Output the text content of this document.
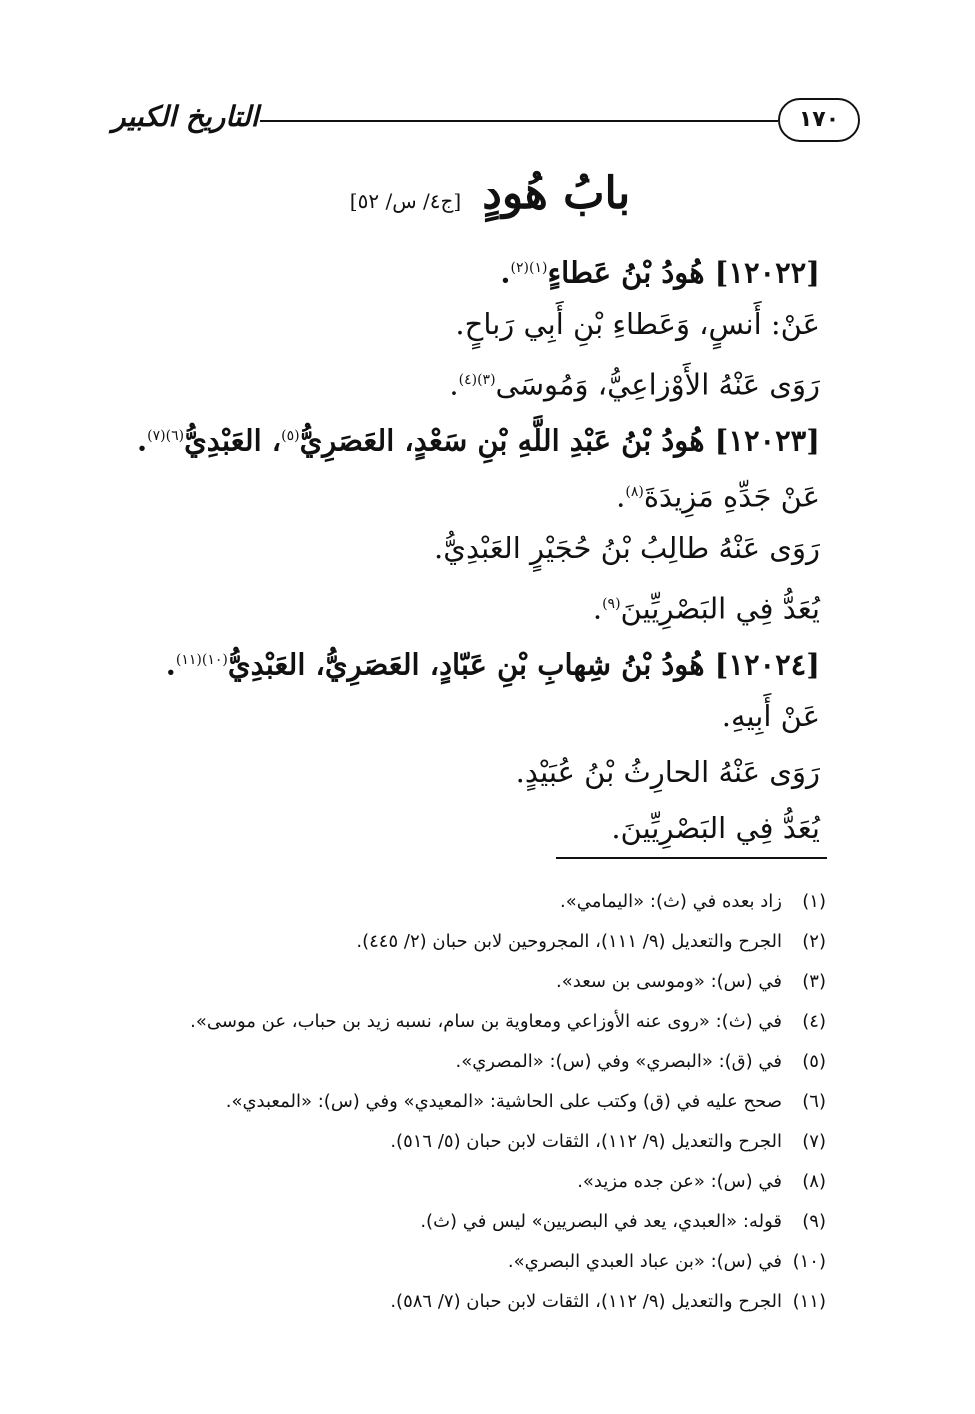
التاريخ الكبير	١٧٠
بابُ هُودٍ [ج٤/ س/ ٥٢]
[١٢٠٢٢] هُودُ بْنُ عَطاءٍ$^{(١)(٢)}$.
عَنْ: أَنسٍ، وَعَطاءِ بْنِ أَبِي رَباحٍ.
رَوَى عَنْهُ الأَوْزاعِيُّ، وَمُوسَى$^{(٣)(٤)}$.
[١٢٠٢٣] هُودُ بْنُ عَبْدِ اللَّهِ بْنِ سَعْدٍ، العَصَرِيُّ$^{(٥)}$، العَبْدِيُّ$^{(٦)(٧)}$.
عَنْ جَدِّهِ مَزِيدَةَ$^{(٨)}$.
رَوَى عَنْهُ طالِبُ بْنُ حُجَيْرٍ العَبْدِيُّ.
يُعَدُّ فِي البَصْرِيِّينَ$^{(٩)}$.
[١٢٠٢٤] هُودُ بْنُ شِهابِ بْنِ عَبّادٍ، العَصَرِيُّ، العَبْدِيُّ$^{(١٠)(١١)}$.
عَنْ أَبِيهِ.
رَوَى عَنْهُ الحارِثُ بْنُ عُبَيْدٍ.
يُعَدُّ فِي البَصْرِيِّينَ.
(١)زاد بعده في (ث): «اليمامي».
(٢)الجرح والتعديل (٩/ ١١١)، المجروحين لابن حبان (٢/ ٤٤٥).
(٣)في (س): «وموسى بن سعد».
(٤)في (ث): «روى عنه الأوزاعي ومعاوية بن سام، نسبه زيد بن حباب، عن موسى».
(٥)في (ق): «البصري» وفي (س): «المصري».
(٦)صحح عليه في (ق) وكتب على الحاشية: «المعيدي» وفي (س): «المعبدي».
(٧)الجرح والتعديل (٩/ ١١٢)، الثقات لابن حبان (٥/ ٥١٦).
(٨)في (س): «عن جده مزيد».
(٩)قوله: «العبدي، يعد في البصريين» ليس في (ث).
(١٠)في (س): «بن عباد العبدي البصري».
(١١)الجرح والتعديل (٩/ ١١٢)، الثقات لابن حبان (٧/ ٥٨٦).
